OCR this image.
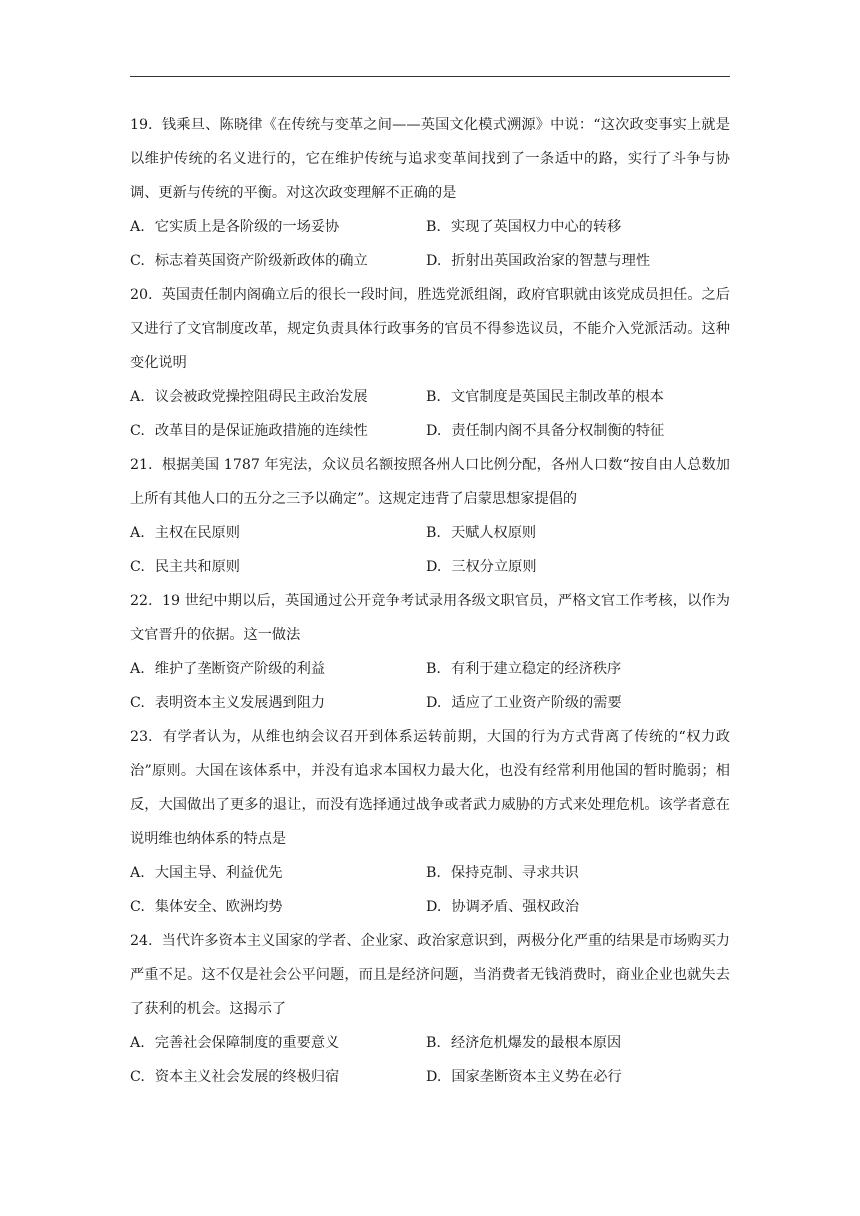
19. 钱乘旦、陈晓律《在传统与变革之间——英国文化模式溯源》中说：“这次政变事实上就是以维护传统的名义进行的，它在维护传统与追求变革间找到了一条适中的路，实行了斗争与协调、更新与传统的平衡。对这次政变理解不正确的是

A. 它实质上是各阶级的一场妥协	B. 实现了英国权力中心的转移
C. 标志着英国资产阶级新政体的确立	D. 折射出英国政治家的智慧与理性

20. 英国责任制内阁确立后的很长一段时间，胜选党派组阁，政府官职就由该党成员担任。之后又进行了文官制度改革，规定负责具体行政事务的官员不得参选议员，不能介入党派活动。这种变化说明

A. 议会被政党操控阻碍民主政治发展	B. 文官制度是英国民主制改革的根本
C. 改革目的是保证施政措施的连续性	D. 责任制内阁不具备分权制衡的特征

21. 根据美国 1787 年宪法，众议员名额按照各州人口比例分配，各州人口数“按自由人总数加上所有其他人口的五分之三予以确定”。这规定违背了启蒙思想家提倡的

A. 主权在民原则	B. 天赋人权原则
C. 民主共和原则	D. 三权分立原则

22. 19 世纪中期以后，英国通过公开竞争考试录用各级文职官员，严格文官工作考核，以作为文官晋升的依据。这一做法

A. 维护了垄断资产阶级的利益	B. 有利于建立稳定的经济秩序
C. 表明资本主义发展遇到阻力	D. 适应了工业资产阶级的需要

23. 有学者认为，从维也纳会议召开到体系运转前期，大国的行为方式背离了传统的“权力政治”原则。大国在该体系中，并没有追求本国权力最大化，也没有经常利用他国的暂时脆弱；相反，大国做出了更多的退让，而没有选择通过战争或者武力威胁的方式来处理危机。该学者意在说明维也纳体系的特点是

A. 大国主导、利益优先	B. 保持克制、寻求共识
C. 集体安全、欧洲均势	D. 协调矛盾、强权政治

24. 当代许多资本主义国家的学者、企业家、政治家意识到，两极分化严重的结果是市场购买力严重不足。这不仅是社会公平问题，而且是经济问题，当消费者无钱消费时，商业企业也就失去了获利的机会。这揭示了

A. 完善社会保障制度的重要意义	B. 经济危机爆发的最根本原因
C. 资本主义社会发展的终极归宿	D. 国家垄断资本主义势在必行
